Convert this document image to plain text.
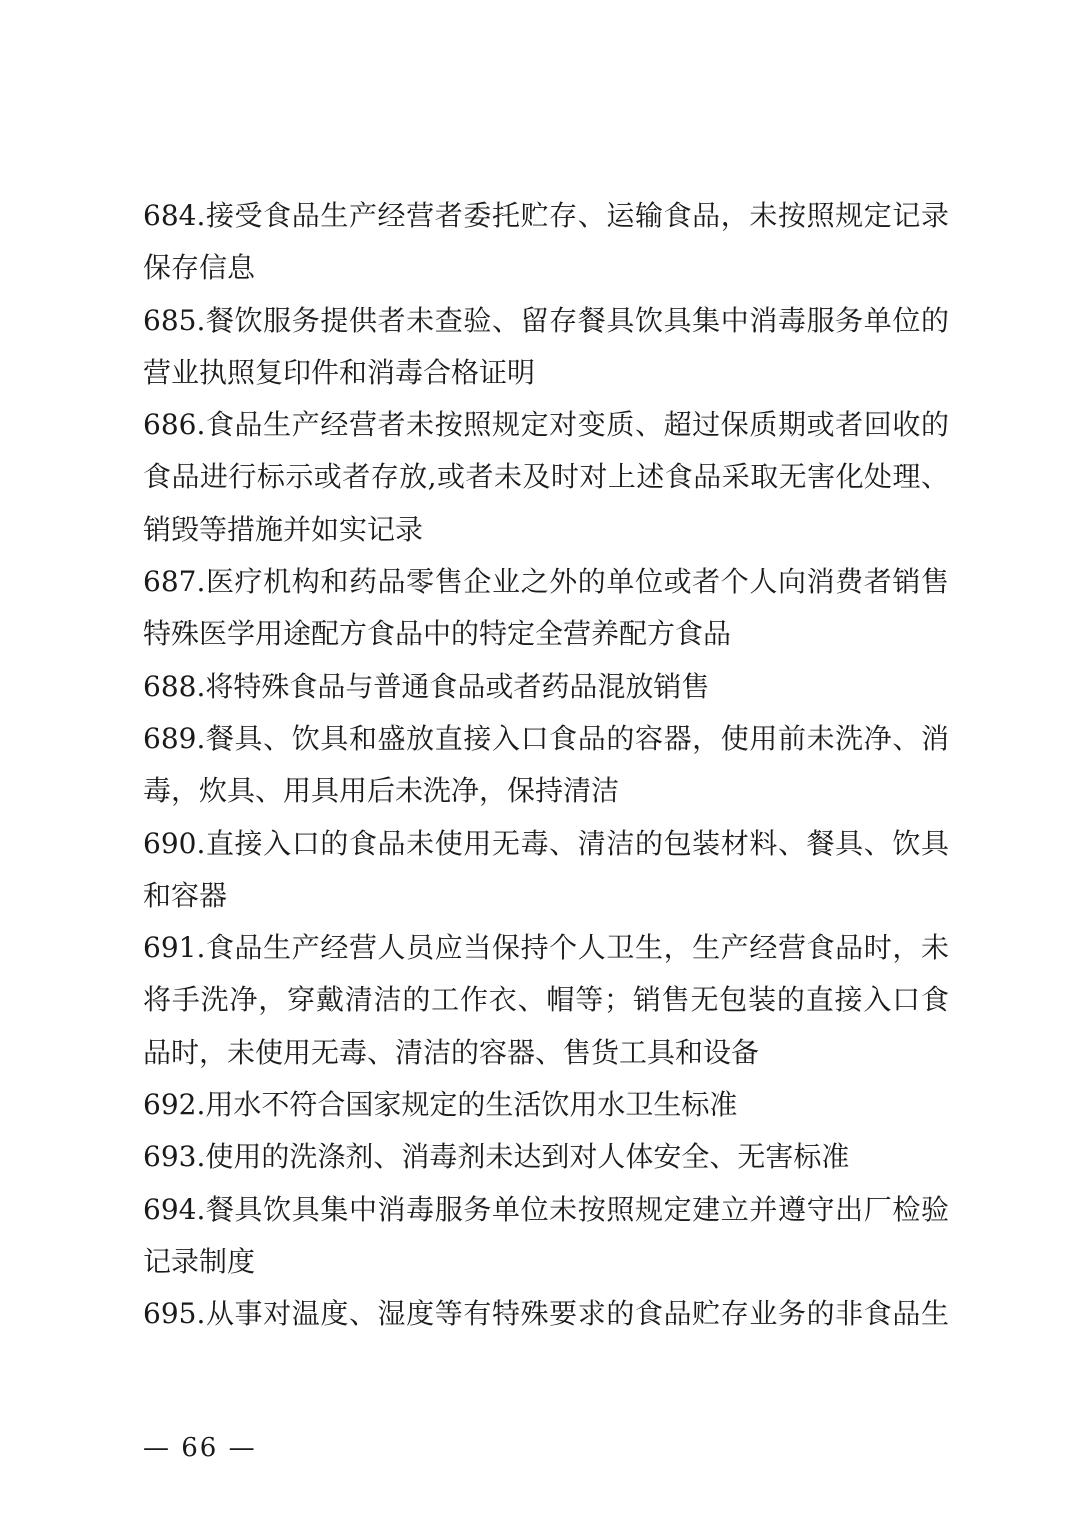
684.接受食品生产经营者委托贮存、运输食品，未按照规定记录
保存信息
685.餐饮服务提供者未查验、留存餐具饮具集中消毒服务单位的
营业执照复印件和消毒合格证明
686.食品生产经营者未按照规定对变质、超过保质期或者回收的
食品进行标示或者存放,或者未及时对上述食品采取无害化处理、
销毁等措施并如实记录
687.医疗机构和药品零售企业之外的单位或者个人向消费者销售
特殊医学用途配方食品中的特定全营养配方食品
688.将特殊食品与普通食品或者药品混放销售
689.餐具、饮具和盛放直接入口食品的容器，使用前未洗净、消
毒，炊具、用具用后未洗净，保持清洁
690.直接入口的食品未使用无毒、清洁的包装材料、餐具、饮具
和容器
691.食品生产经营人员应当保持个人卫生，生产经营食品时，未
将手洗净，穿戴清洁的工作衣、帽等；销售无包装的直接入口食
品时，未使用无毒、清洁的容器、售货工具和设备
692.用水不符合国家规定的生活饮用水卫生标准
693.使用的洗涤剂、消毒剂未达到对人体安全、无害标准
694.餐具饮具集中消毒服务单位未按照规定建立并遵守出厂检验
记录制度
695.从事对温度、湿度等有特殊要求的食品贮存业务的非食品生
— 66 —
